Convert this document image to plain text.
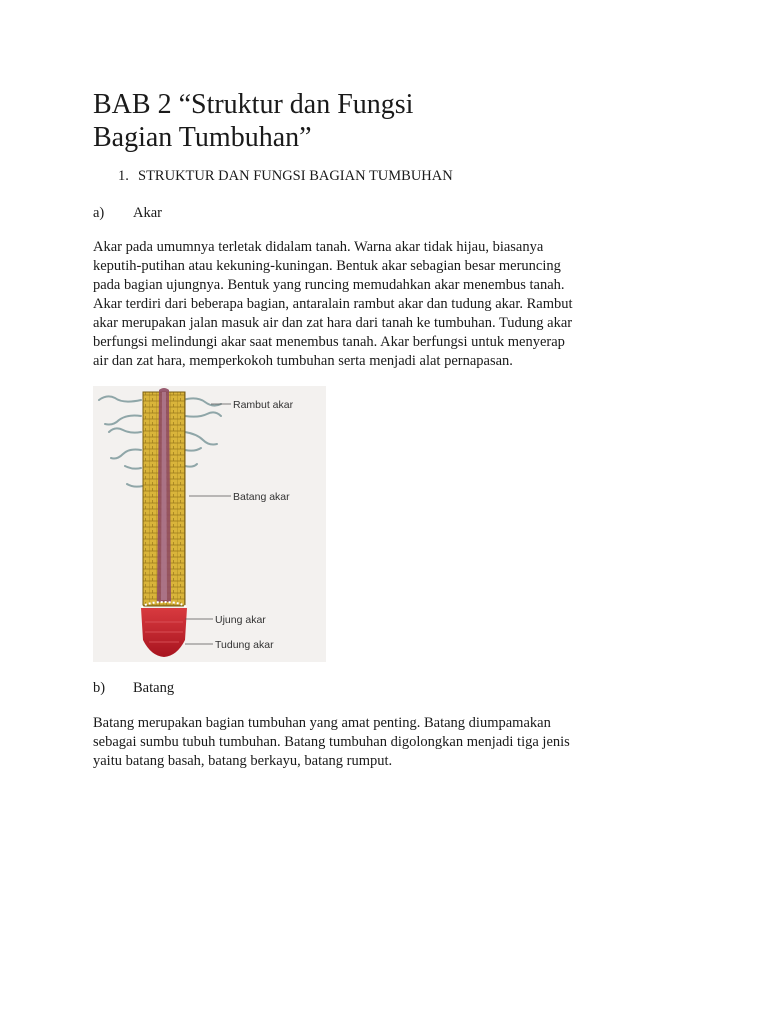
BAB 2 “Struktur dan Fungsi
Bagian Tumbuhan”

1. STRUKTUR DAN FUNGSI BAGIAN TUMBUHAN

a) Akar

Akar pada umumnya terletak didalam tanah. Warna akar tidak hijau, biasanya
keputih-putihan atau kekuning-kuningan. Bentuk akar sebagian besar meruncing
pada bagian ujungnya. Bentuk yang runcing memudahkan akar menembus tanah.
Akar terdiri dari beberapa bagian, antaralain rambut akar dan tudung akar. Rambut
akar merupakan jalan masuk air dan zat hara dari tanah ke tumbuhan. Tudung akar
berfungsi melindungi akar saat menembus tanah. Akar berfungsi untuk menyerap
air dan zat hara, memperkokoh tumbuhan serta menjadi alat pernapasan.

Rambut akar
Batang akar
Ujung akar
Tudung akar

b) Batang

Batang merupakan bagian tumbuhan yang amat penting. Batang diumpamakan
sebagai sumbu tubuh tumbuhan. Batang tumbuhan digolongkan menjadi tiga jenis
yaitu batang basah, batang berkayu, batang rumput.
